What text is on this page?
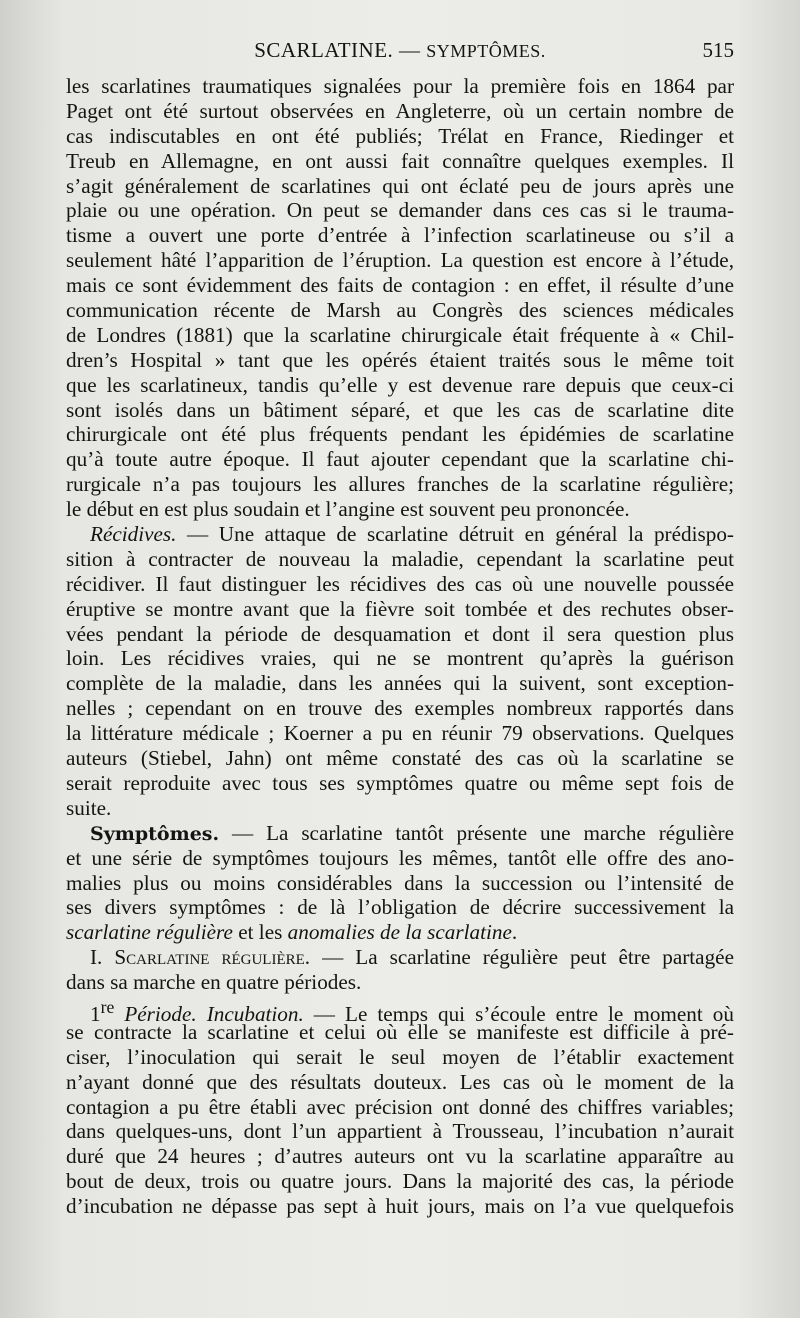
SCARLATINE. — SYMPTÔMES.	515
les scarlatines traumatiques signalées pour la première fois en 1864 par
Paget ont été surtout observées en Angleterre, où un certain nombre de
cas indiscutables en ont été publiés; Trélat en France, Riedinger et
Treub en Allemagne, en ont aussi fait connaître quelques exemples. Il
s’agit généralement de scarlatines qui ont éclaté peu de jours après une
plaie ou une opération. On peut se demander dans ces cas si le trauma-
tisme a ouvert une porte d’entrée à l’infection scarlatineuse ou s’il a
seulement hâté l’apparition de l’éruption. La question est encore à l’étude,
mais ce sont évidemment des faits de contagion : en effet, il résulte d’une
communication récente de Marsh au Congrès des sciences médicales
de Londres (1881) que la scarlatine chirurgicale était fréquente à « Chil-
dren’s Hospital » tant que les opérés étaient traités sous le même toit
que les scarlatineux, tandis qu’elle y est devenue rare depuis que ceux-ci
sont isolés dans un bâtiment séparé, et que les cas de scarlatine dite
chirurgicale ont été plus fréquents pendant les épidémies de scarlatine
qu’à toute autre époque. Il faut ajouter cependant que la scarlatine chi-
rurgicale n’a pas toujours les allures franches de la scarlatine régulière;
le début en est plus soudain et l’angine est souvent peu prononcée.
Récidives. — Une attaque de scarlatine détruit en général la prédispo-
sition à contracter de nouveau la maladie, cependant la scarlatine peut
récidiver. Il faut distinguer les récidives des cas où une nouvelle poussée
éruptive se montre avant que la fièvre soit tombée et des rechutes obser-
vées pendant la période de desquamation et dont il sera question plus
loin. Les récidives vraies, qui ne se montrent qu’après la guérison
complète de la maladie, dans les années qui la suivent, sont exception-
nelles ; cependant on en trouve des exemples nombreux rapportés dans
la littérature médicale ; Koerner a pu en réunir 79 observations. Quelques
auteurs (Stiebel, Jahn) ont même constaté des cas où la scarlatine se
serait reproduite avec tous ses symptômes quatre ou même sept fois de
suite.
Symptômes. — La scarlatine tantôt présente une marche régulière
et une série de symptômes toujours les mêmes, tantôt elle offre des ano-
malies plus ou moins considérables dans la succession ou l’intensité de
ses divers symptômes : de là l’obligation de décrire successivement la
scarlatine régulière et les anomalies de la scarlatine.
I. Scarlatine régulière. — La scarlatine régulière peut être partagée
dans sa marche en quatre périodes.
1re Période. Incubation. — Le temps qui s’écoule entre le moment où
se contracte la scarlatine et celui où elle se manifeste est difficile à pré-
ciser, l’inoculation qui serait le seul moyen de l’établir exactement
n’ayant donné que des résultats douteux. Les cas où le moment de la
contagion a pu être établi avec précision ont donné des chiffres variables;
dans quelques-uns, dont l’un appartient à Trousseau, l’incubation n’aurait
duré que 24 heures ; d’autres auteurs ont vu la scarlatine apparaître au
bout de deux, trois ou quatre jours. Dans la majorité des cas, la période
d’incubation ne dépasse pas sept à huit jours, mais on l’a vue quelquefois
